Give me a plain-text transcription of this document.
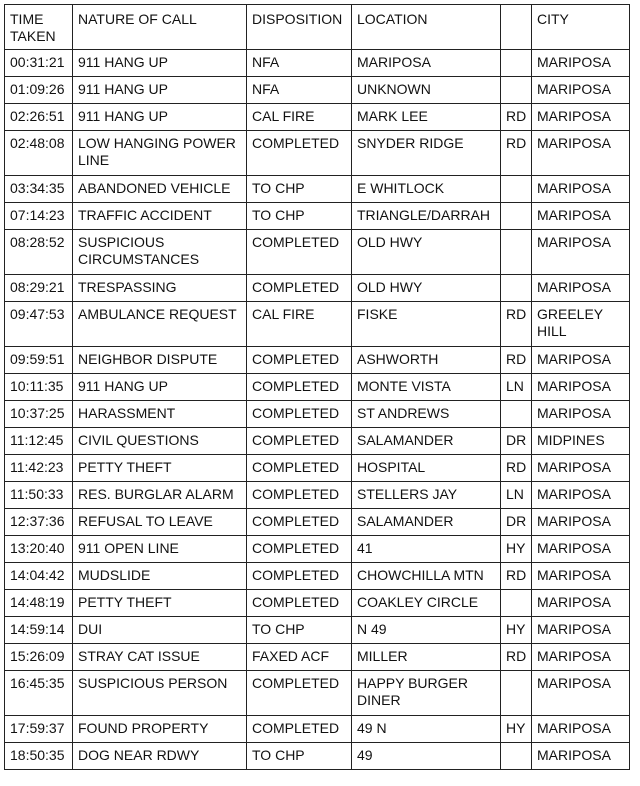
TIME TAKEN	NATURE OF CALL	DISPOSITION	LOCATION		CITY
00:31:21	911 HANG UP	NFA	MARIPOSA		MARIPOSA
01:09:26	911 HANG UP	NFA	UNKNOWN		MARIPOSA
02:26:51	911 HANG UP	CAL FIRE	MARK LEE	RD	MARIPOSA
02:48:08	LOW HANGING POWER LINE	COMPLETED	SNYDER RIDGE	RD	MARIPOSA
03:34:35	ABANDONED VEHICLE	TO CHP	E WHITLOCK		MARIPOSA
07:14:23	TRAFFIC ACCIDENT	TO CHP	TRIANGLE/DARRAH		MARIPOSA
08:28:52	SUSPICIOUS CIRCUMSTANCES	COMPLETED	OLD HWY		MARIPOSA
08:29:21	TRESPASSING	COMPLETED	OLD HWY		MARIPOSA
09:47:53	AMBULANCE REQUEST	CAL FIRE	FISKE	RD	GREELEY HILL
09:59:51	NEIGHBOR DISPUTE	COMPLETED	ASHWORTH	RD	MARIPOSA
10:11:35	911 HANG UP	COMPLETED	MONTE VISTA	LN	MARIPOSA
10:37:25	HARASSMENT	COMPLETED	ST ANDREWS		MARIPOSA
11:12:45	CIVIL QUESTIONS	COMPLETED	SALAMANDER	DR	MIDPINES
11:42:23	PETTY THEFT	COMPLETED	HOSPITAL	RD	MARIPOSA
11:50:33	RES. BURGLAR ALARM	COMPLETED	STELLERS JAY	LN	MARIPOSA
12:37:36	REFUSAL TO LEAVE	COMPLETED	SALAMANDER	DR	MARIPOSA
13:20:40	911 OPEN LINE	COMPLETED	41	HY	MARIPOSA
14:04:42	MUDSLIDE	COMPLETED	CHOWCHILLA MTN	RD	MARIPOSA
14:48:19	PETTY THEFT	COMPLETED	COAKLEY CIRCLE		MARIPOSA
14:59:14	DUI	TO CHP	N 49	HY	MARIPOSA
15:26:09	STRAY CAT ISSUE	FAXED ACF	MILLER	RD	MARIPOSA
16:45:35	SUSPICIOUS PERSON	COMPLETED	HAPPY BURGER DINER		MARIPOSA
17:59:37	FOUND PROPERTY	COMPLETED	49 N	HY	MARIPOSA
18:50:35	DOG NEAR RDWY	TO CHP	49		MARIPOSA
